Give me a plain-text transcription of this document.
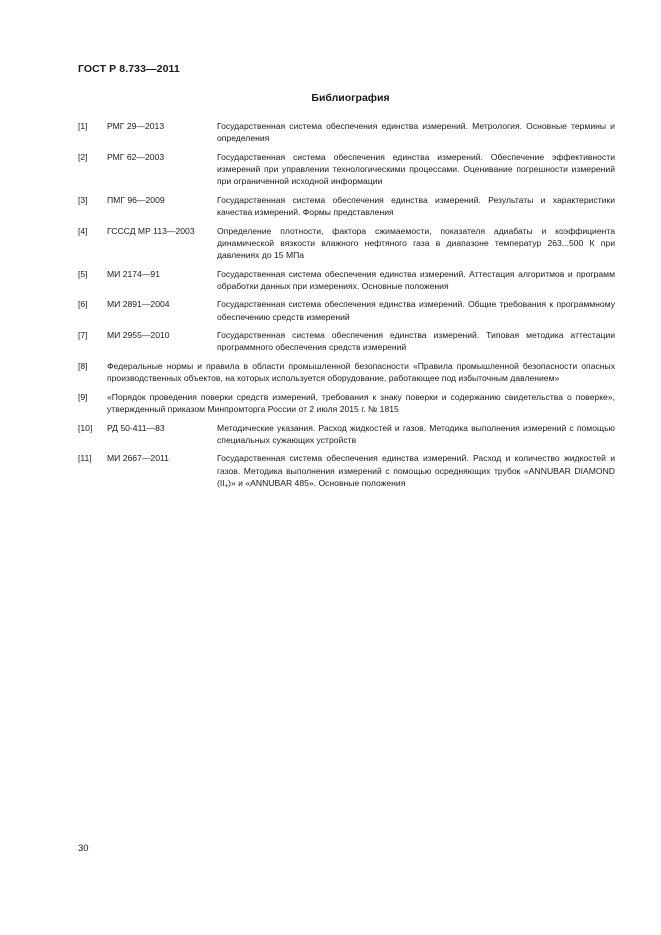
ГОСТ Р 8.733—2011
Библиография
[1]	РМГ 29—2013	Государственная система обеспечения единства измерений. Метрология. Основные термины и определения
[2]	РМГ 62—2003	Государственная система обеспечения единства измерений. Обеспечение эффективности измерений при управлении технологическими процессами. Оценивание погрешности измерений при ограниченной исходной информации
[3]	ПМГ 96—2009	Государственная система обеспечения единства измерений. Результаты и характеристики качества измерений. Формы представления
[4]	ГСССД МР 113—2003	Определение плотности, фактора сжимаемости, показателя адиабаты и коэффициента динамической вязкости влажного нефтяного газа в диапазоне температур 263...500 К при давлениях до 15 МПа
[5]	МИ 2174—91	Государственная система обеспечения единства измерений. Аттестация алгоритмов и программ обработки данных при измерениях. Основные положения
[6]	МИ 2891—2004	Государственная система обеспечения единства измерений. Общие требования к программному обеспечению средств измерений
[7]	МИ 2955—2010	Государственная система обеспечения единства измерений. Типовая методика аттестации программного обеспечения средств измерений
[8]	Федеральные нормы и правила в области промышленной безопасности «Правила промышленной безопасности опасных производственных объектов, на которых используется оборудование, работающее под избыточным давлением»
[9]	«Порядок проведения поверки средств измерений, требования к знаку поверки и содержанию свидетельства о поверке», утвержденный приказом Минпромторга России от 2 июля 2015 г. № 1815
[10]	РД 50-411—83	Методические указания. Расход жидкостей и газов. Методика выполнения измерений с помощью специальных сужающих устройств
[11]	МИ 2667—2011	Государственная система обеспечения единства измерений. Расход и количество жидкостей и газов. Методика выполнения измерений с помощью осредняющих трубок «ANNUBAR DIAMOND $(II_+)$» и «ANNUBAR 485». Основные положения
30
